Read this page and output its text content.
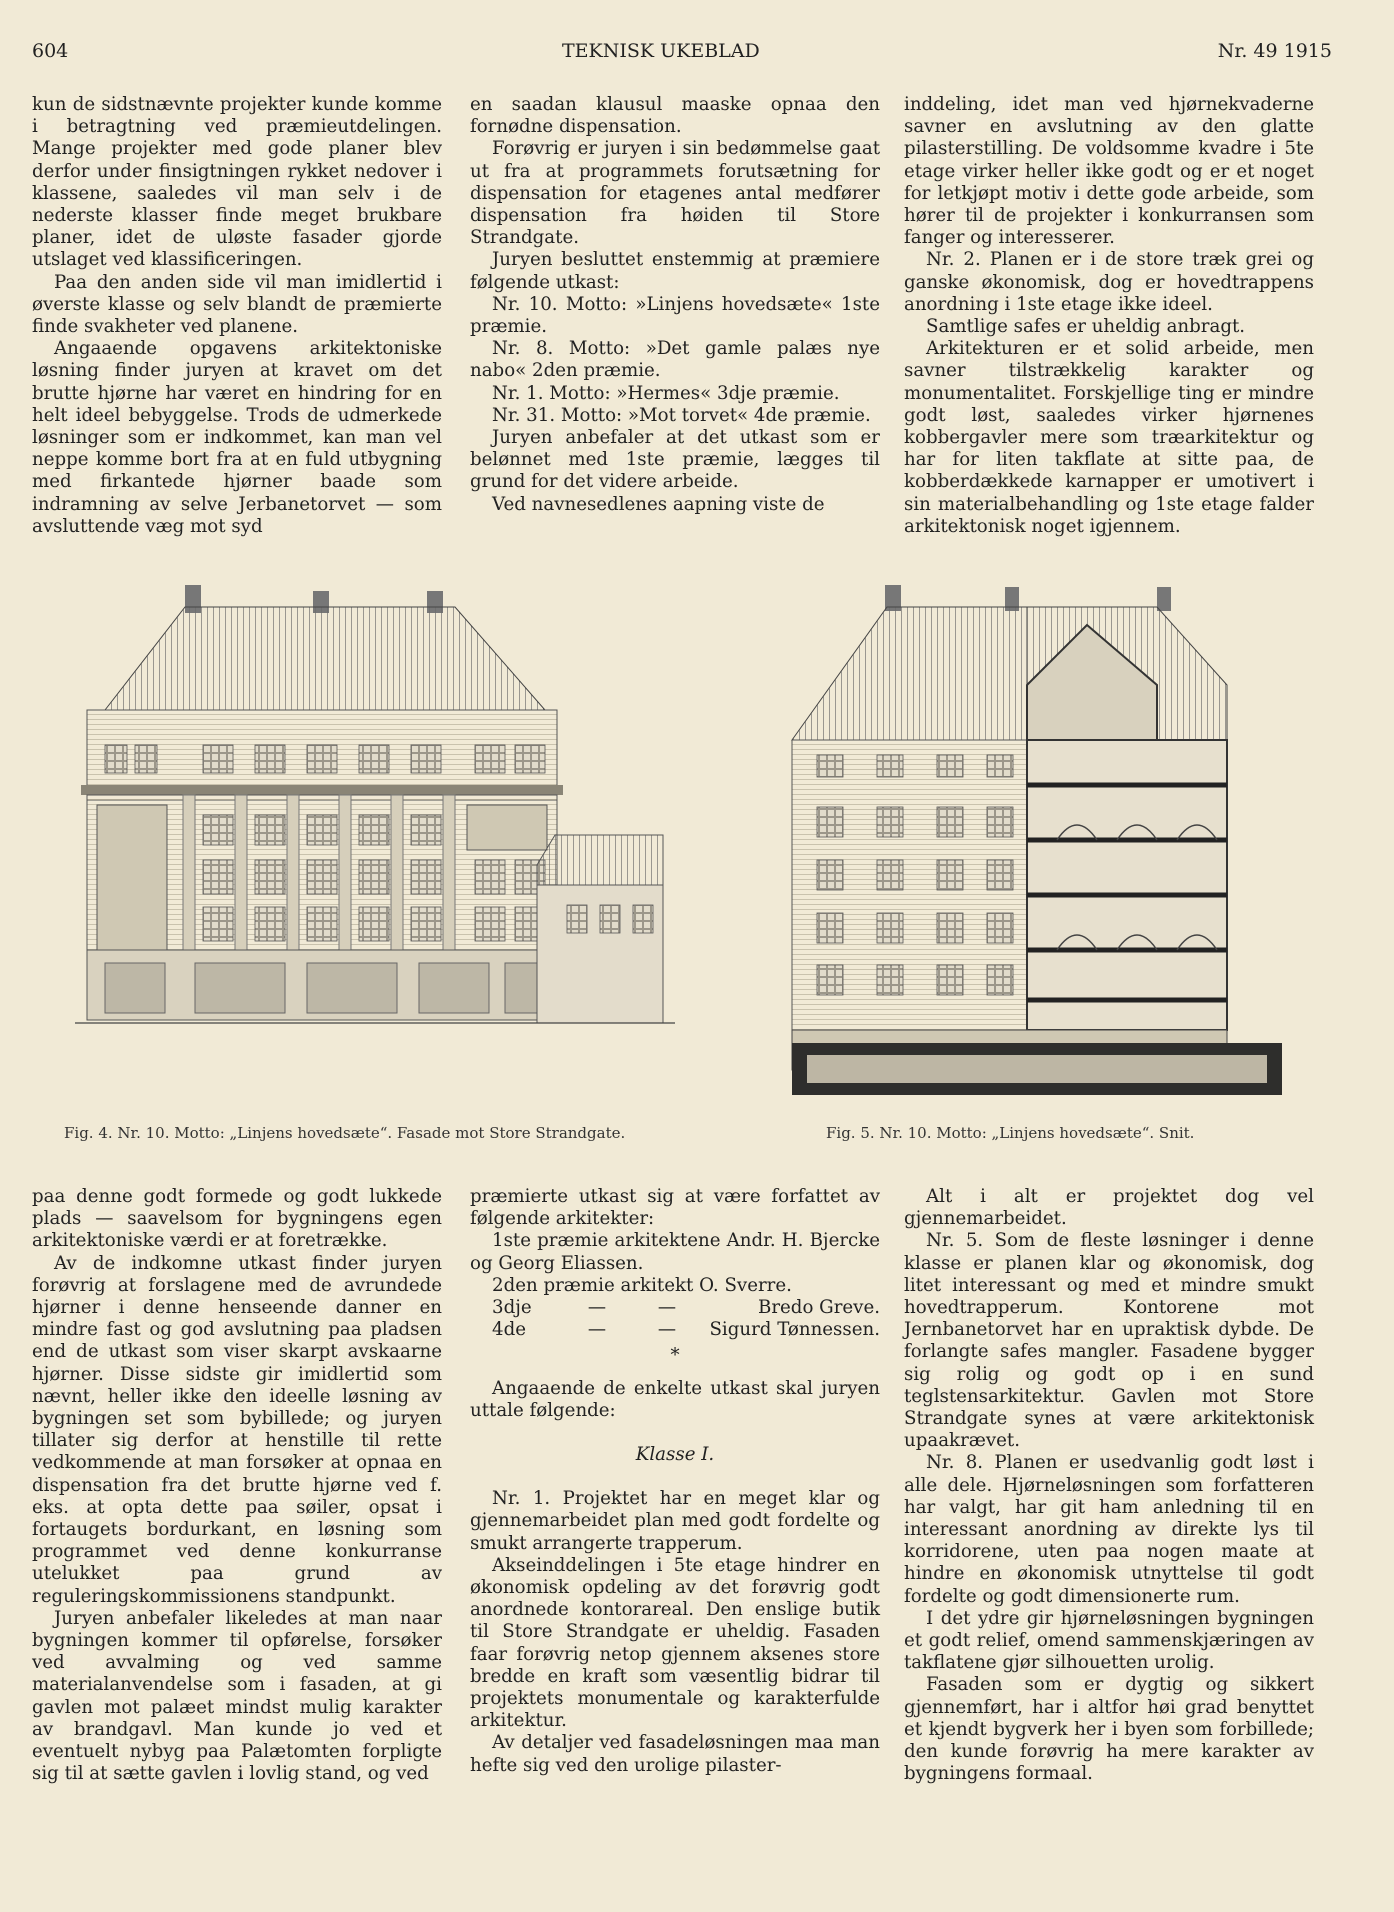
604	TEKNISK UKEBLAD	Nr. 49 1915

kun de sidstnævnte projekter kunde komme i betragtning ved præmieutdelingen. Mange projekter med gode planer blev derfor under finsigtningen rykket nedover i klassene, saaledes vil man selv i de nederste klasser finde meget brukbare planer, idet de uløste fasader gjorde utslaget ved klassificeringen.

Paa den anden side vil man imidlertid i øverste klasse og selv blandt de præmierte finde svakheter ved planene.

Angaaende opgavens arkitektoniske løsning finder juryen at kravet om det brutte hjørne har været en hindring for en helt ideel bebyggelse. Trods de udmerkede løsninger som er indkommet, kan man vel neppe komme bort fra at en fuld utbygning med firkantede hjørner baade som indramning av selve Jerbanetorvet — som avsluttende væg mot syd

en saadan klausul maaske opnaa den fornødne dispensation.

Forøvrig er juryen i sin bedømmelse gaat ut fra at programmets forutsætning for dispensation for etagenes antal medfører dispensation fra høiden til Store Strandgate.

Juryen besluttet enstemmig at præmiere følgende utkast:

Nr. 10. Motto: »Linjens hovedsæte« 1ste præmie.

Nr. 8. Motto: »Det gamle palæs nye nabo« 2den præmie.

Nr. 1. Motto: »Hermes« 3dje præmie.

Nr. 31. Motto: »Mot torvet« 4de præmie.

Juryen anbefaler at det utkast som er belønnet med 1ste præmie, lægges til grund for det videre arbeide.

Ved navnesedlenes aapning viste de

inddeling, idet man ved hjørnekvaderne savner en avslutning av den glatte pilasterstilling. De voldsomme kvadre i 5te etage virker heller ikke godt og er et noget for letkjøpt motiv i dette gode arbeide, som hører til de projekter i konkurransen som fanger og interesserer.

Nr. 2. Planen er i de store træk grei og ganske økonomisk, dog er hovedtrappens anordning i 1ste etage ikke ideel.

Samtlige safes er uheldig anbragt.

Arkitekturen er et solid arbeide, men savner tilstrækkelig karakter og monumentalitet. Forskjellige ting er mindre godt løst, saaledes virker hjørnenes kobbergavler mere som træarkitektur og har for liten takflate at sitte paa, de kobberdækkede karnapper er umotivert i sin materialbehandling og 1ste etage falder arkitektonisk noget igjennem.

Fig. 4. Nr. 10. Motto: „Linjens hovedsæte“. Fasade mot Store Strandgate.	Fig. 5. Nr. 10. Motto: „Linjens hovedsæte“. Snit.

paa denne godt formede og godt lukkede plads — saavelsom for bygningens egen arkitektoniske værdi er at foretrække.

Av de indkomne utkast finder juryen forøvrig at forslagene med de avrundede hjørner i denne henseende danner en mindre fast og god avslutning paa pladsen end de utkast som viser skarpt avskaarne hjørner. Disse sidste gir imidlertid som nævnt, heller ikke den ideelle løsning av bygningen set som bybillede; og juryen tillater sig derfor at henstille til rette vedkommende at man forsøker at opnaa en dispensation fra det brutte hjørne ved f. eks. at opta dette paa søiler, opsat i fortaugets bordurkant, en løsning som programmet ved denne konkurranse utelukket paa grund av reguleringskommissionens standpunkt.

Juryen anbefaler likeledes at man naar bygningen kommer til opførelse, forsøker ved avvalming og ved samme materialanvendelse som i fasaden, at gi gavlen mot palæet mindst mulig karakter av brandgavl. Man kunde jo ved et eventuelt nybyg paa Palætomten forpligte sig til at sætte gavlen i lovlig stand, og ved

præmierte utkast sig at være forfattet av følgende arkitekter:

1ste præmie arkitektene Andr. H. Bjercke og Georg Eliassen.

2den præmie arkitekt O. Sverre.

3dje	—	—	Bredo Greve.
4de	—	—	Sigurd Tønnessen.

*

Angaaende de enkelte utkast skal juryen uttale følgende:

Klasse I.

Nr. 1. Projektet har en meget klar og gjennemarbeidet plan med godt fordelte og smukt arrangerte trapperum.

Akseinddelingen i 5te etage hindrer en økonomisk opdeling av det forøvrig godt anordnede kontorareal. Den enslige butik til Store Strandgate er uheldig. Fasaden faar forøvrig netop gjennem aksenes store bredde en kraft som væsentlig bidrar til projektets monumentale og karakterfulde arkitektur.

Av detaljer ved fasadeløsningen maa man hefte sig ved den urolige pilaster-

Alt i alt er projektet dog vel gjennemarbeidet.

Nr. 5. Som de fleste løsninger i denne klasse er planen klar og økonomisk, dog litet interessant og med et mindre smukt hovedtrapperum. Kontorene mot Jernbanetorvet har en upraktisk dybde. De forlangte safes mangler. Fasadene bygger sig rolig og godt op i en sund teglstensarkitektur. Gavlen mot Store Strandgate synes at være arkitektonisk upaakrævet.

Nr. 8. Planen er usedvanlig godt løst i alle dele. Hjørneløsningen som forfatteren har valgt, har git ham anledning til en interessant anordning av direkte lys til korridorene, uten paa nogen maate at hindre en økonomisk utnyttelse til godt fordelte og godt dimensionerte rum.

I det ydre gir hjørneløsningen bygningen et godt relief, omend sammenskjæringen av takflatene gjør silhouetten urolig.

Fasaden som er dygtig og sikkert gjennemført, har i altfor høi grad benyttet et kjendt bygverk her i byen som forbillede; den kunde forøvrig ha mere karakter av bygningens formaal.
